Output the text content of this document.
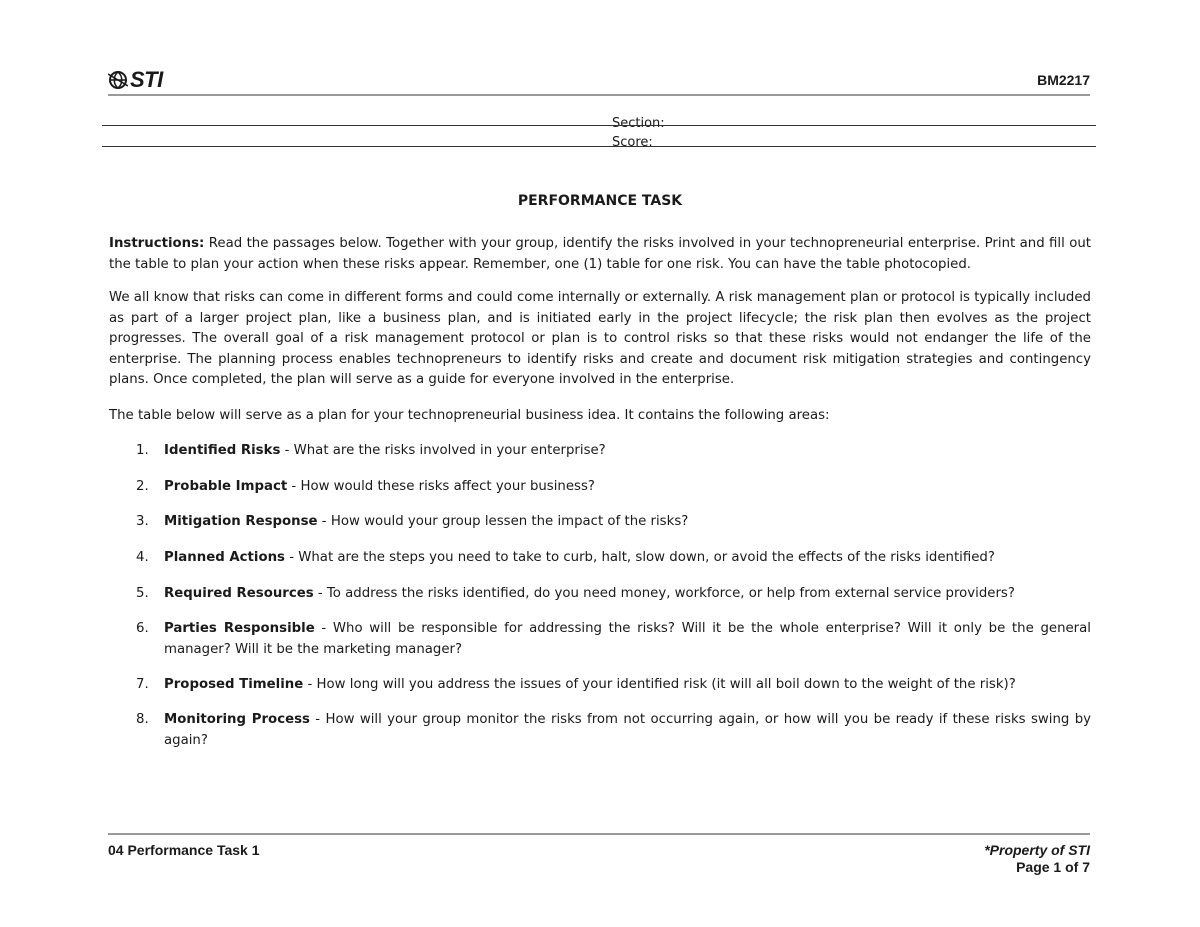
STI	BM2217
Section:
Score:
PERFORMANCE TASK
Instructions: Read the passages below. Together with your group, identify the risks involved in your technopreneurial enterprise. Print and fill out the table to plan your action when these risks appear. Remember, one (1) table for one risk. You can have the table photocopied.
We all know that risks can come in different forms and could come internally or externally. A risk management plan or protocol is typically included as part of a larger project plan, like a business plan, and is initiated early in the project lifecycle; the risk plan then evolves as the project progresses. The overall goal of a risk management protocol or plan is to control risks so that these risks would not endanger the life of the enterprise. The planning process enables technopreneurs to identify risks and create and document risk mitigation strategies and contingency plans. Once completed, the plan will serve as a guide for everyone involved in the enterprise.
The table below will serve as a plan for your technopreneurial business idea. It contains the following areas:
1.	Identified Risks - What are the risks involved in your enterprise?
2.	Probable Impact - How would these risks affect your business?
3.	Mitigation Response - How would your group lessen the impact of the risks?
4.	Planned Actions - What are the steps you need to take to curb, halt, slow down, or avoid the effects of the risks identified?
5.	Required Resources - To address the risks identified, do you need money, workforce, or help from external service providers?
6.	Parties Responsible - Who will be responsible for addressing the risks? Will it be the whole enterprise? Will it only be the general manager? Will it be the marketing manager?
7.	Proposed Timeline - How long will you address the issues of your identified risk (it will all boil down to the weight of the risk)?
8.	Monitoring Process - How will your group monitor the risks from not occurring again, or how will you be ready if these risks swing by again?
04 Performance Task 1	*Property of STI
Page 1 of 7
